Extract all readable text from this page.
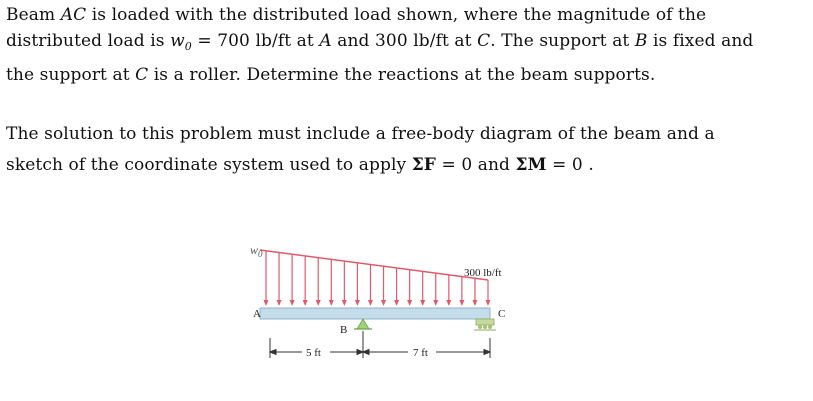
Beam AC is loaded with the distributed load shown, where the magnitude of the
distributed load is $w_0 = 700$ lb/ft at A and 300 lb/ft at C. The support at B is fixed and
the support at C is a roller. Determine the reactions at the beam supports.
The solution to this problem must include a free-body diagram of the beam and a
sketch of the coordinate system used to apply ΣF = 0 and ΣM = 0 .
$w_0$
300 lb/ft
A
B
C
5 ft	7 ft
